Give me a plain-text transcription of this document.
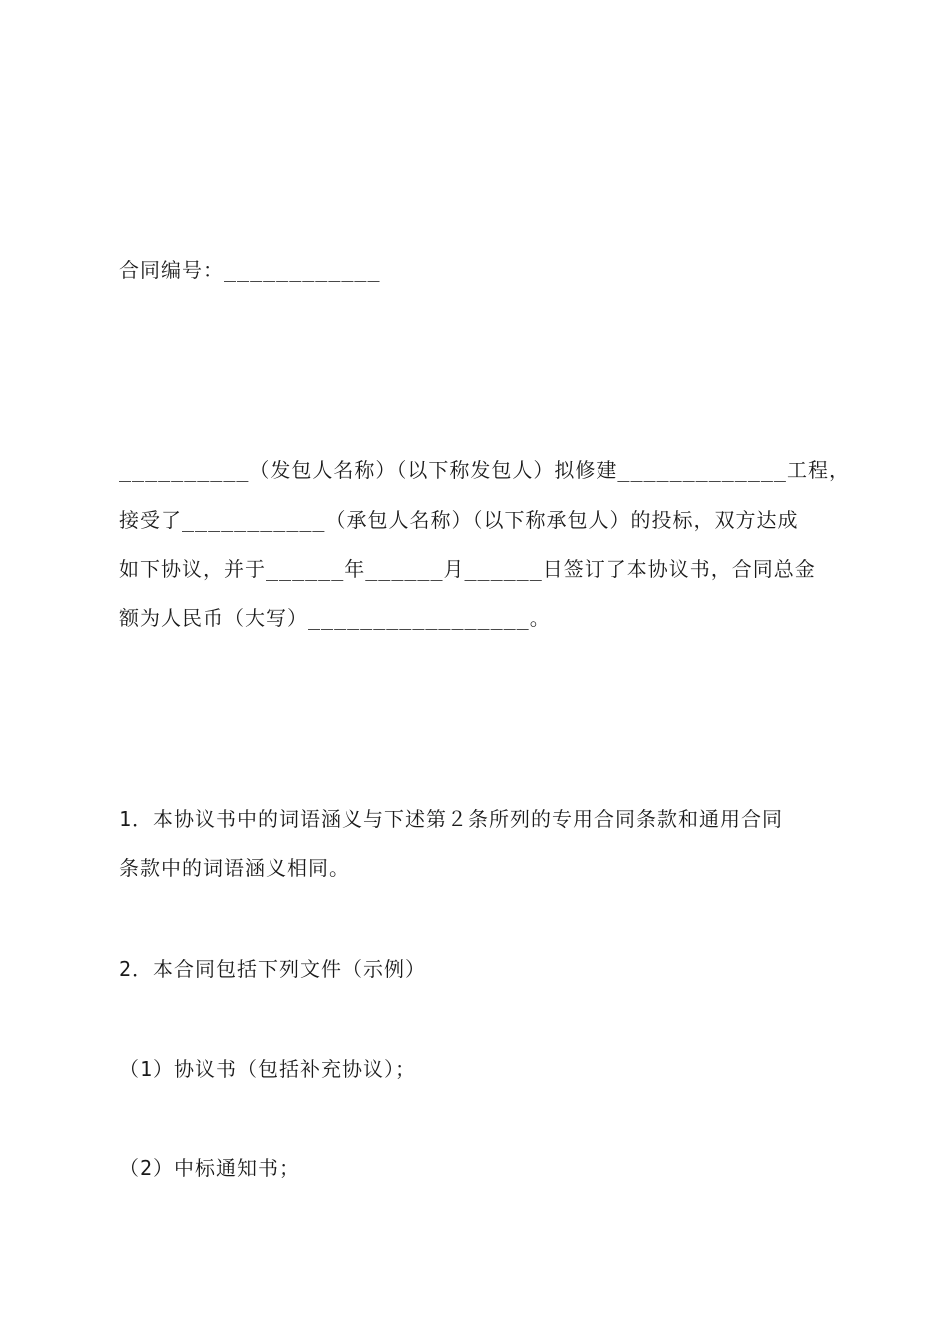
合同编号：____________
__________（发包人名称）（以下称发包人）拟修建_____________工程，
接受了___________（承包人名称）（以下称承包人）的投标，双方达成
如下协议，并于______年______月______日签订了本协议书，合同总金
额为人民币（大写）_________________。
1．本协议书中的词语涵义与下述第２条所列的专用合同条款和通用合同
条款中的词语涵义相同。
2．本合同包括下列文件（示例）
（1）协议书（包括补充协议）；
（2）中标通知书；
